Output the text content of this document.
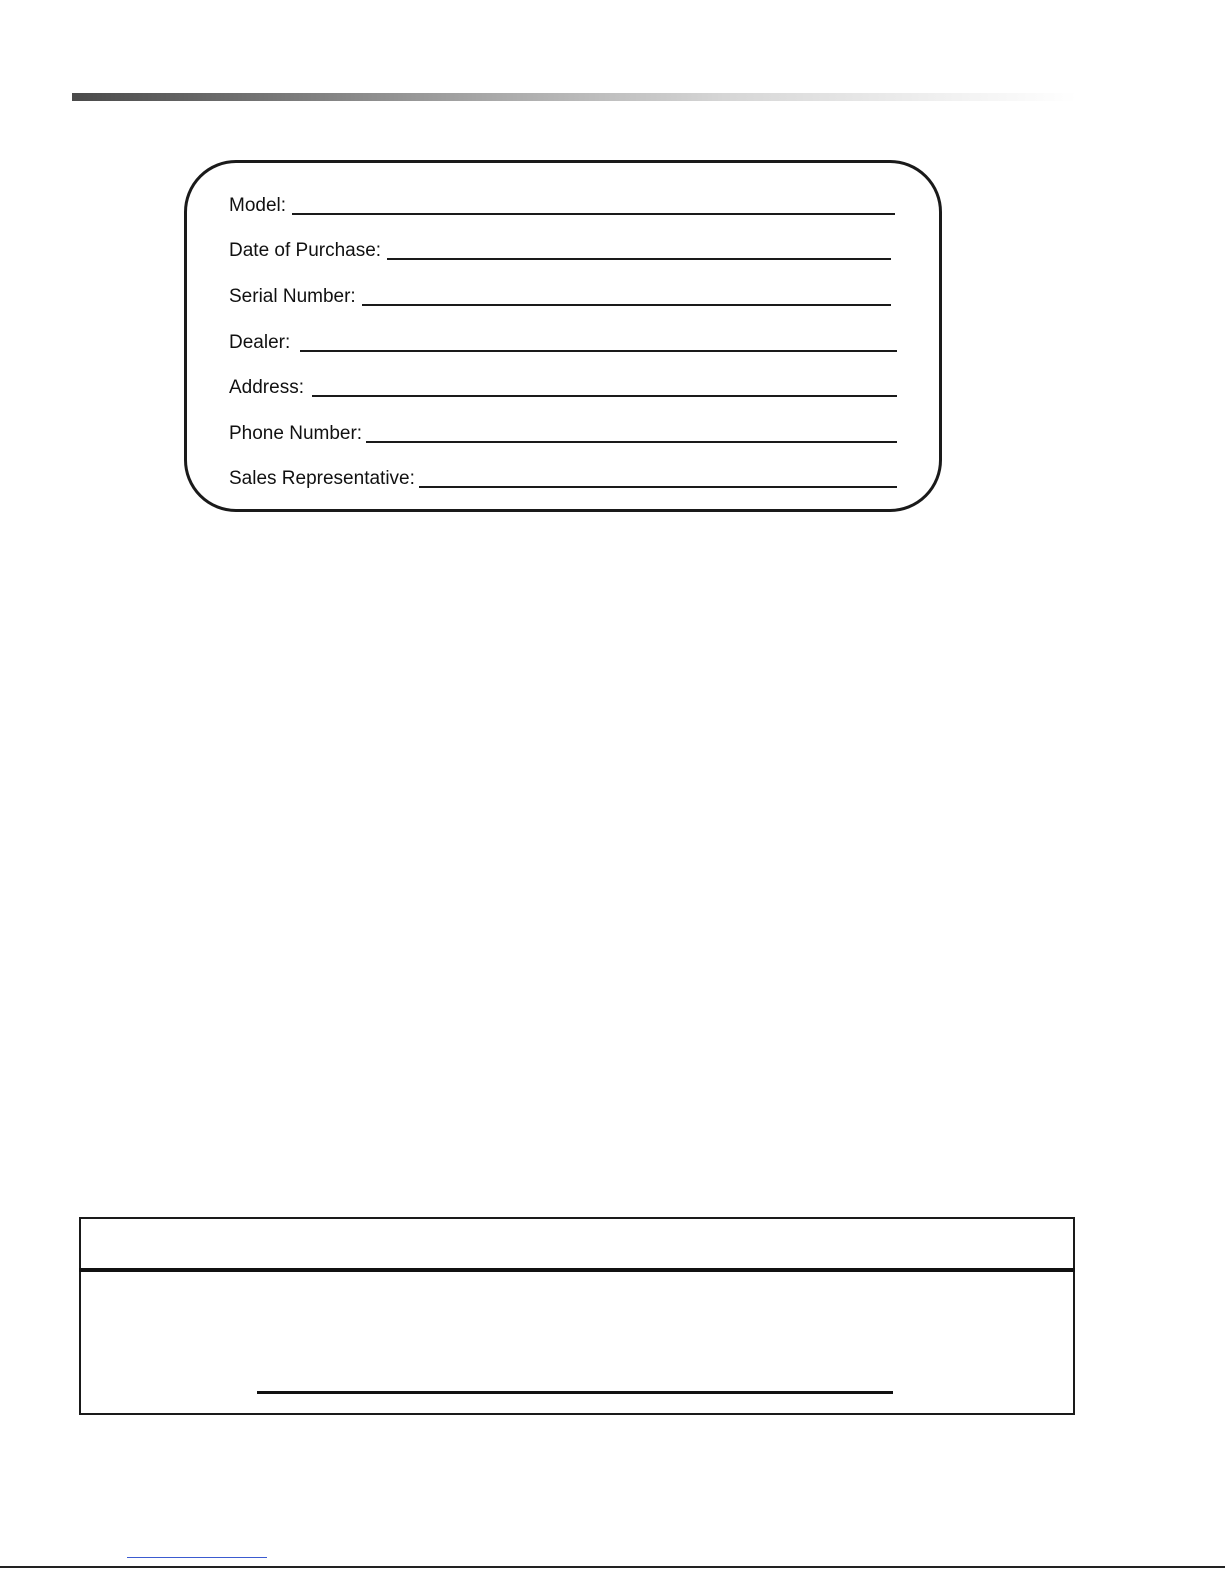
Model:
Date of Purchase:
Serial Number:
Dealer:
Address:
Phone Number:
Sales Representative:
